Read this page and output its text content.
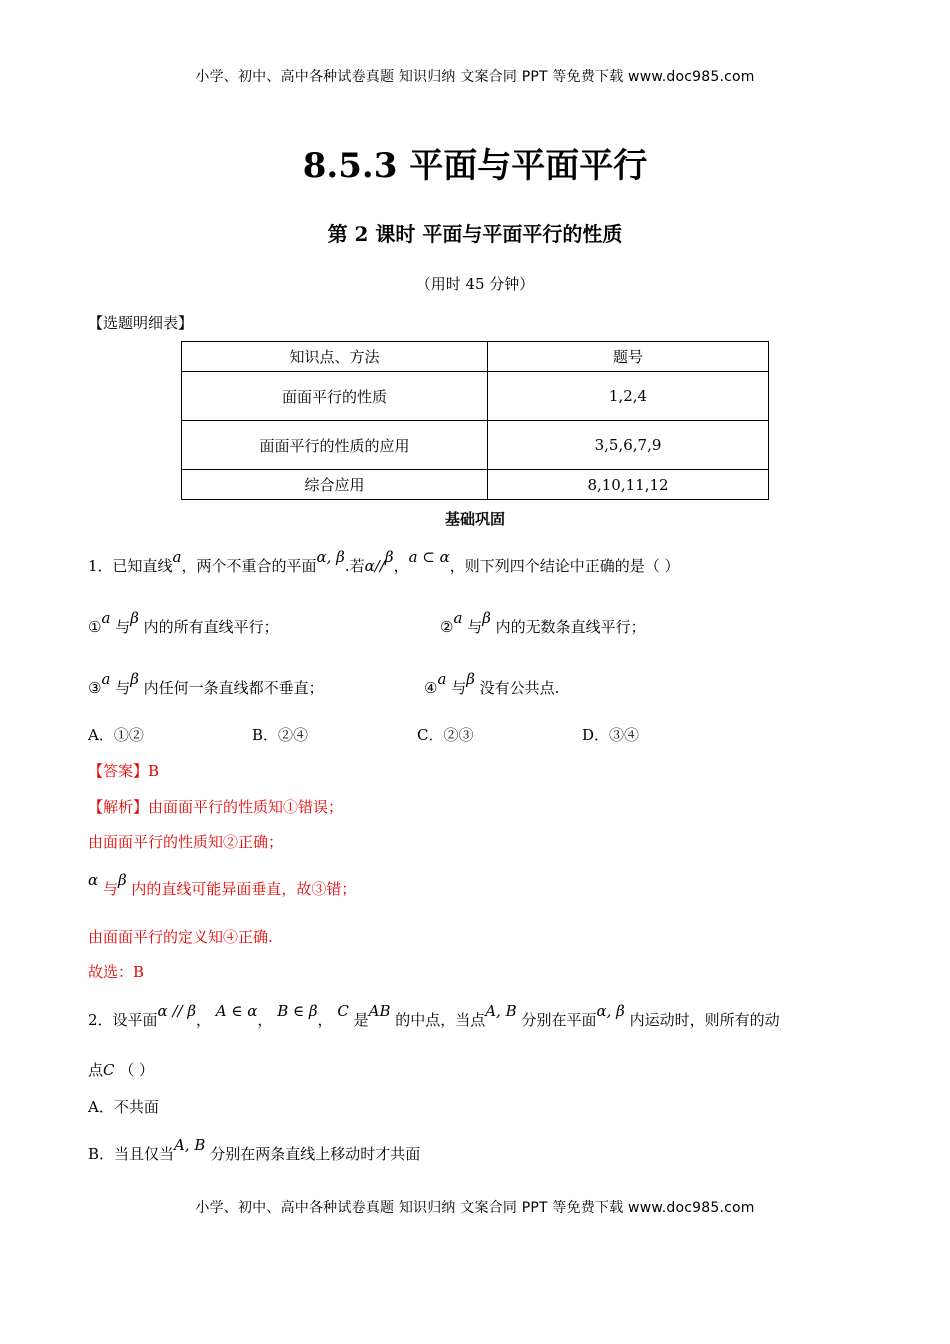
小学、初中、高中各种试卷真题 知识归纳 文案合同 PPT 等免费下载 www.doc985.com
8.5.3 平面与平面平行
第 2 课时 平面与平面平行的性质
（用时 45 分钟）
【选题明细表】
知识点、方法	题号
面面平行的性质	1,2,4
面面平行的性质的应用	3,5,6,7,9
综合应用	8,10,11,12
基础巩固
1．已知直线a，两个不重合的平面α, β.若α//β，a ⊂ α，则下列四个结论中正确的是（ ）
①a 与β 内的所有直线平行；	②a 与β 内的无数条直线平行；
③a 与β 内任何一条直线都不垂直；	④a 与β 没有公共点.
A．①②	B．②④	C．②③	D．③④
【答案】B
【解析】由面面平行的性质知①错误；
由面面平行的性质知②正确；
α 与β 内的直线可能异面垂直，故③错；
由面面平行的定义知④正确.
故选：B
2．设平面α // β， A ∈ α， B ∈ β， C 是AB 的中点，当点A, B 分别在平面α, β 内运动时，则所有的动
点C （ ）
A．不共面
B．当且仅当A, B 分别在两条直线上移动时才共面
小学、初中、高中各种试卷真题 知识归纳 文案合同 PPT 等免费下载 www.doc985.com
